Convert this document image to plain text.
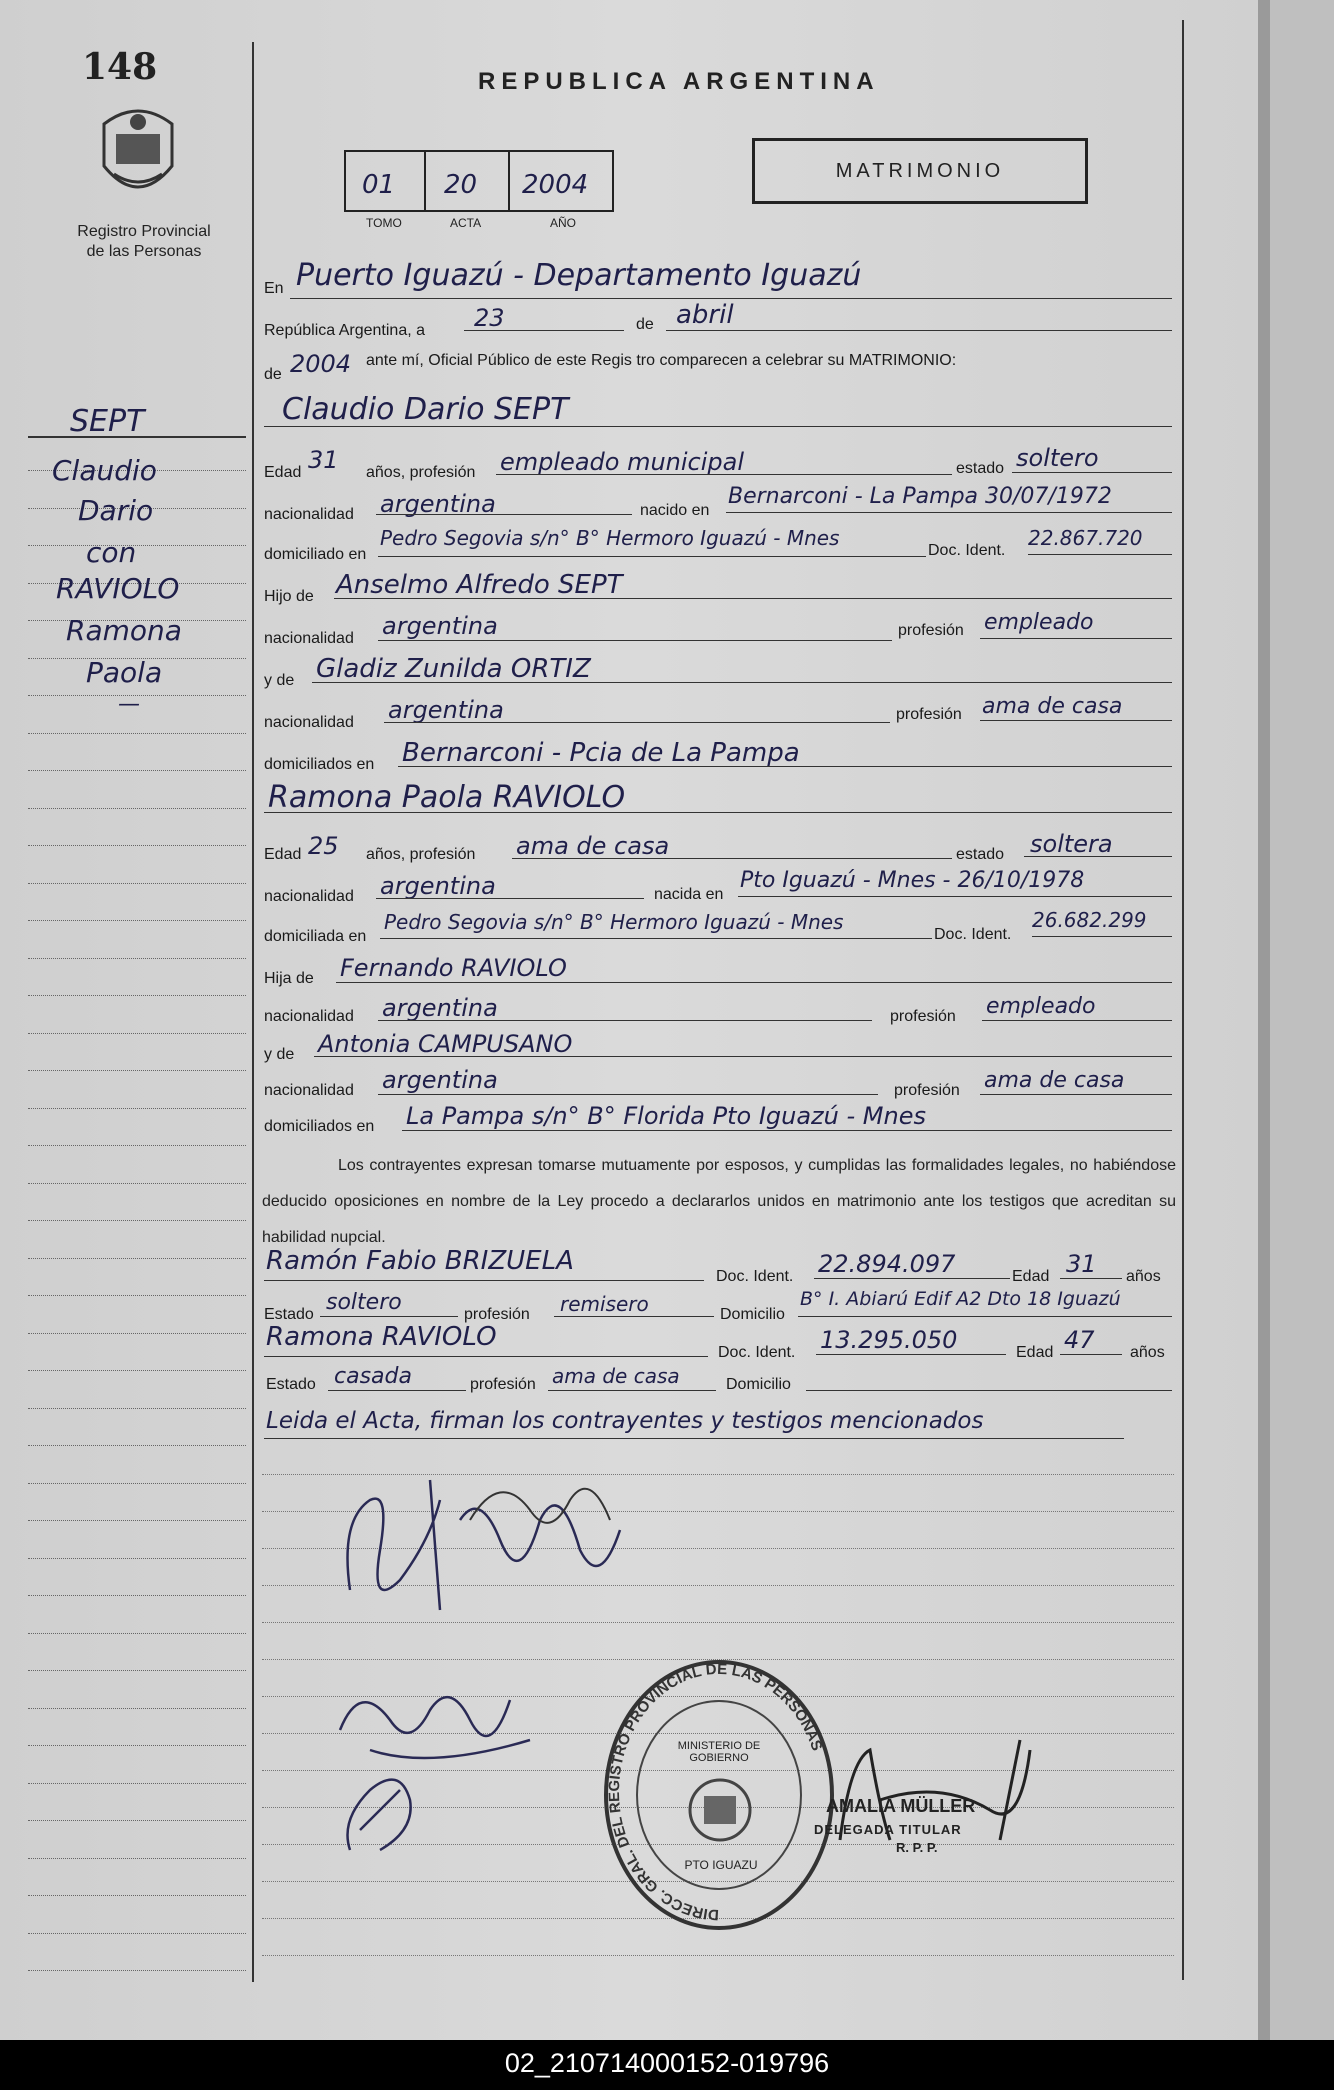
148
Registro Provincial
de las Personas
REPUBLICA ARGENTINA
01 20 2004
TOMO	ACTA	AÑO
MATRIMONIO
SEPT
Claudio
Dario
con
RAVIOLO
Ramona
Paola
—
En Puerto Iguazú - Departamento Iguazú
República Argentina, a 23	de abril
de 2004 ante mí, Oficial Público de este Regis tro comparecen a celebrar su MATRIMONIO:
Claudio Dario SEPT
Edad 31 años, profesión empleado municipal	estado soltero
nacionalidad argentina	nacido en
Bernarconi - La Pampa 30/07/1972
domiciliado en
Pedro Segovia s/n° B° Hermoro Iguazú - Mnes
Doc. Ident.
22.867.720
Hijo de Anselmo Alfredo SEPT
nacionalidad argentina	profesión empleado
y de Gladiz Zunilda ORTIZ
nacionalidad argentina	profesión ama de casa
domiciliados en Bernarconi - Pcia de La Pampa
Ramona Paola RAVIOLO
Edad 25 años, profesión ama de casa	estado soltera
nacionalidad argentina	nacida en
Pto Iguazú - Mnes - 26/10/1978
domiciliada en
Pedro Segovia s/n° B° Hermoro Iguazú - Mnes
Doc. Ident.
26.682.299
Hija de Fernando RAVIOLO
nacionalidad argentina	profesión empleado
y de Antonia CAMPUSANO
nacionalidad argentina	profesión ama de casa
domiciliados en La Pampa s/n° B° Florida Pto Iguazú - Mnes
Los contrayentes expresan tomarse mutuamente por esposos, y cumplidas las formalidades legales, no habiéndose deducido oposiciones en nombre de la Ley procedo a declararlos unidos en matrimonio ante los testigos que acreditan su habilidad nupcial.
Ramón Fabio BRIZUELA
Doc. Ident. 22.894.097	Edad 31 años
Estado soltero	profesión remisero	Domicilio
B° I. Abiarú Edif A2 Dto 18 Iguazú
Ramona RAVIOLO
Doc. Ident. 13.295.050	Edad 47 años
Estado casada	profesión ama de casa	Domicilio
Leida el Acta, firman los contrayentes y testigos mencionados
DIRECC. GRAL. DEL REGISTRO PROVINCIAL DE LAS PERSONAS
MINISTERIO DE GOBIERNO
PTO IGUAZU
AMALIA MÜLLER
DELEGADA TITULAR
R. P. P.
02_210714000152-019796
